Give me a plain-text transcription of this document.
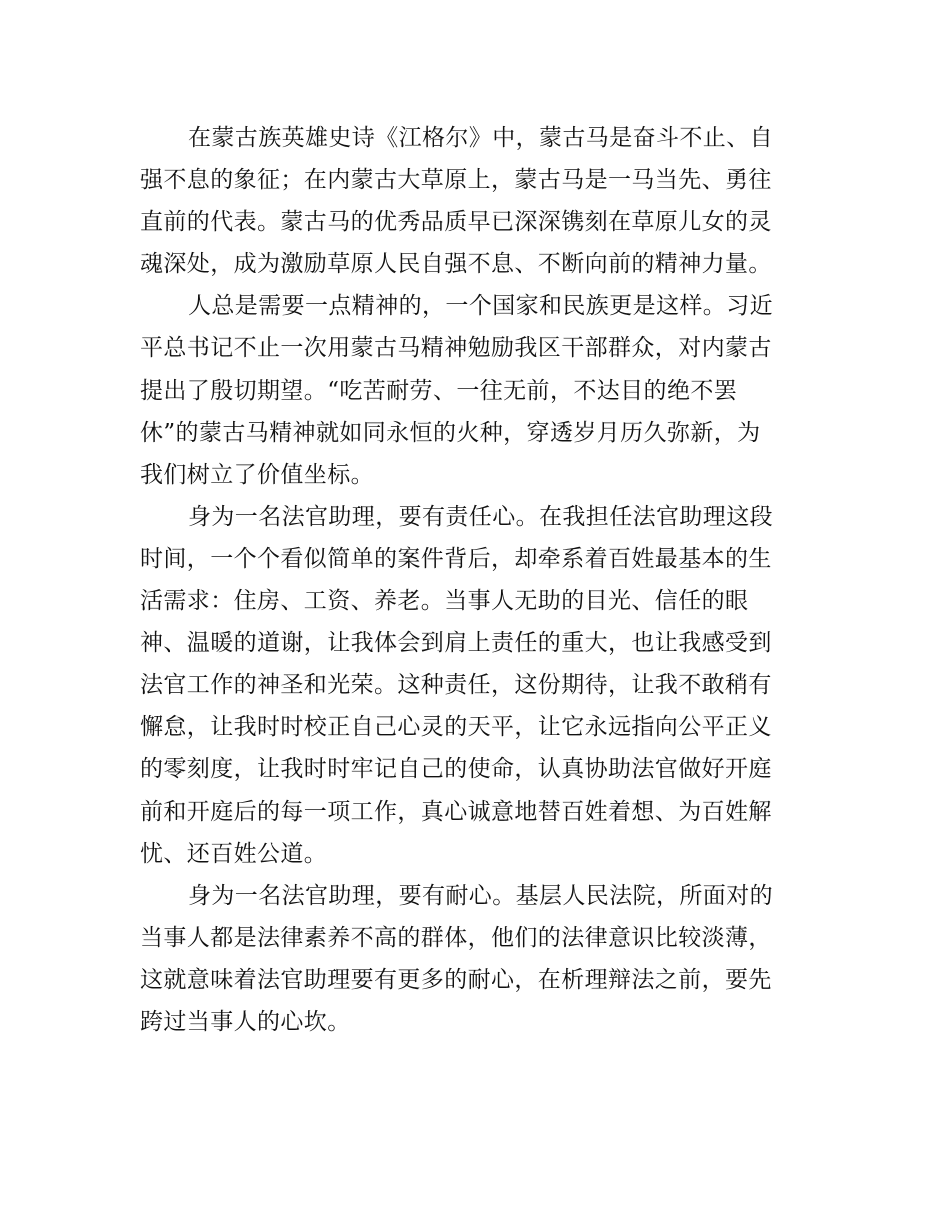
在蒙古族英雄史诗《江格尔》中，蒙古马是奋斗不止、自
强不息的象征；在内蒙古大草原上，蒙古马是一马当先、勇往
直前的代表。蒙古马的优秀品质早已深深镌刻在草原儿女的灵
魂深处，成为激励草原人民自强不息、不断向前的精神力量。
人总是需要一点精神的，一个国家和民族更是这样。习近
平总书记不止一次用蒙古马精神勉励我区干部群众，对内蒙古
提出了殷切期望。“吃苦耐劳、一往无前，不达目的绝不罢
休”的蒙古马精神就如同永恒的火种，穿透岁月历久弥新，为
我们树立了价值坐标。
身为一名法官助理，要有责任心。在我担任法官助理这段
时间，一个个看似简单的案件背后，却牵系着百姓最基本的生
活需求：住房、工资、养老。当事人无助的目光、信任的眼
神、温暖的道谢，让我体会到肩上责任的重大，也让我感受到
法官工作的神圣和光荣。这种责任，这份期待，让我不敢稍有
懈怠，让我时时校正自己心灵的天平，让它永远指向公平正义
的零刻度，让我时时牢记自己的使命，认真协助法官做好开庭
前和开庭后的每一项工作，真心诚意地替百姓着想、为百姓解
忧、还百姓公道。
身为一名法官助理，要有耐心。基层人民法院，所面对的
当事人都是法律素养不高的群体，他们的法律意识比较淡薄，
这就意味着法官助理要有更多的耐心，在析理辩法之前，要先
跨过当事人的心坎。
